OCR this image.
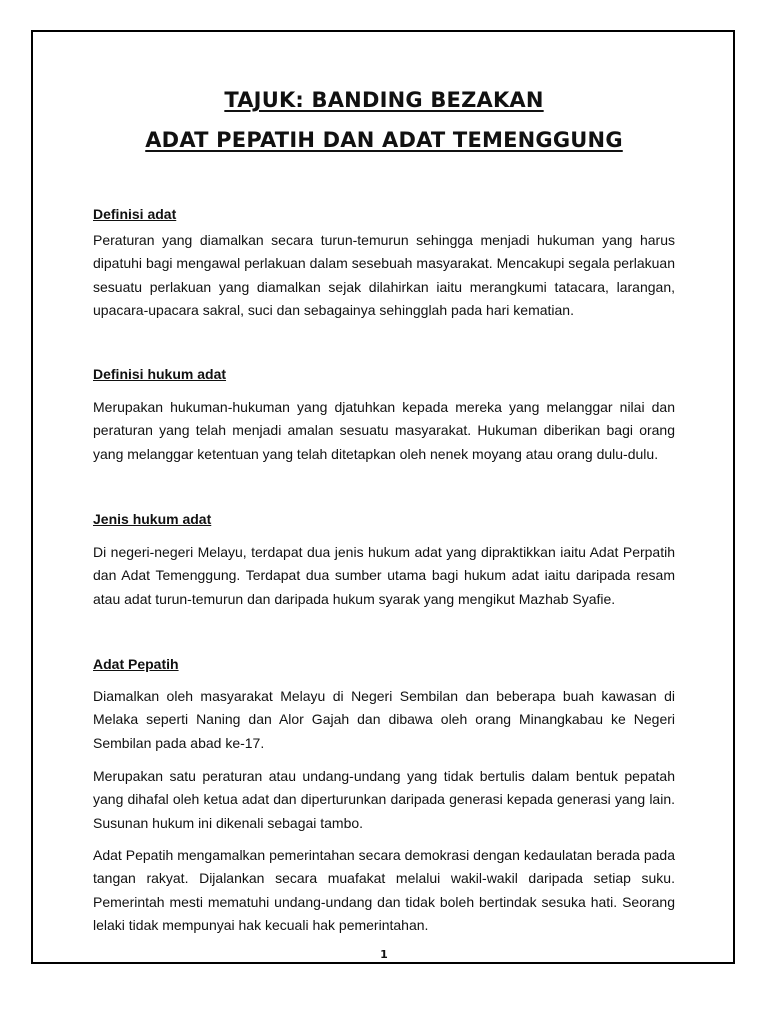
TAJUK: BANDING BEZAKAN
ADAT PEPATIH DAN ADAT TEMENGGUNG
Definisi adat

Peraturan yang diamalkan secara turun-temurun sehingga menjadi hukuman yang harus dipatuhi bagi mengawal perlakuan dalam sesebuah masyarakat. Mencakupi segala perlakuan sesuatu perlakuan yang diamalkan sejak dilahirkan iaitu merangkumi tatacara, larangan, upacara-upacara sakral, suci dan sebagainya sehingglah pada hari kematian.

Definisi hukum adat

Merupakan hukuman-hukuman yang djatuhkan kepada mereka yang melanggar nilai dan peraturan yang telah menjadi amalan sesuatu masyarakat. Hukuman diberikan bagi orang yang melanggar ketentuan yang telah ditetapkan oleh nenek moyang atau orang dulu-dulu.

Jenis hukum adat

Di negeri-negeri Melayu, terdapat dua jenis hukum adat yang dipraktikkan iaitu Adat Perpatih dan Adat Temenggung. Terdapat dua sumber utama bagi hukum adat iaitu daripada resam atau adat turun-temurun dan daripada hukum syarak yang mengikut Mazhab Syafie.

Adat Pepatih

Diamalkan oleh masyarakat Melayu di Negeri Sembilan dan beberapa buah kawasan di Melaka seperti Naning dan Alor Gajah dan dibawa oleh orang Minangkabau ke Negeri Sembilan pada abad ke-17.

Merupakan satu peraturan atau undang-undang yang tidak bertulis dalam bentuk pepatah yang dihafal oleh ketua adat dan diperturunkan daripada generasi kepada generasi yang lain. Susunan hukum ini dikenali sebagai tambo.

Adat Pepatih mengamalkan pemerintahan secara demokrasi dengan kedaulatan berada pada tangan rakyat. Dijalankan secara muafakat melalui wakil-wakil daripada setiap suku. Pemerintah mesti mematuhi undang-undang dan tidak boleh bertindak sesuka hati. Seorang lelaki tidak mempunyai hak kecuali hak pemerintahan.

1
